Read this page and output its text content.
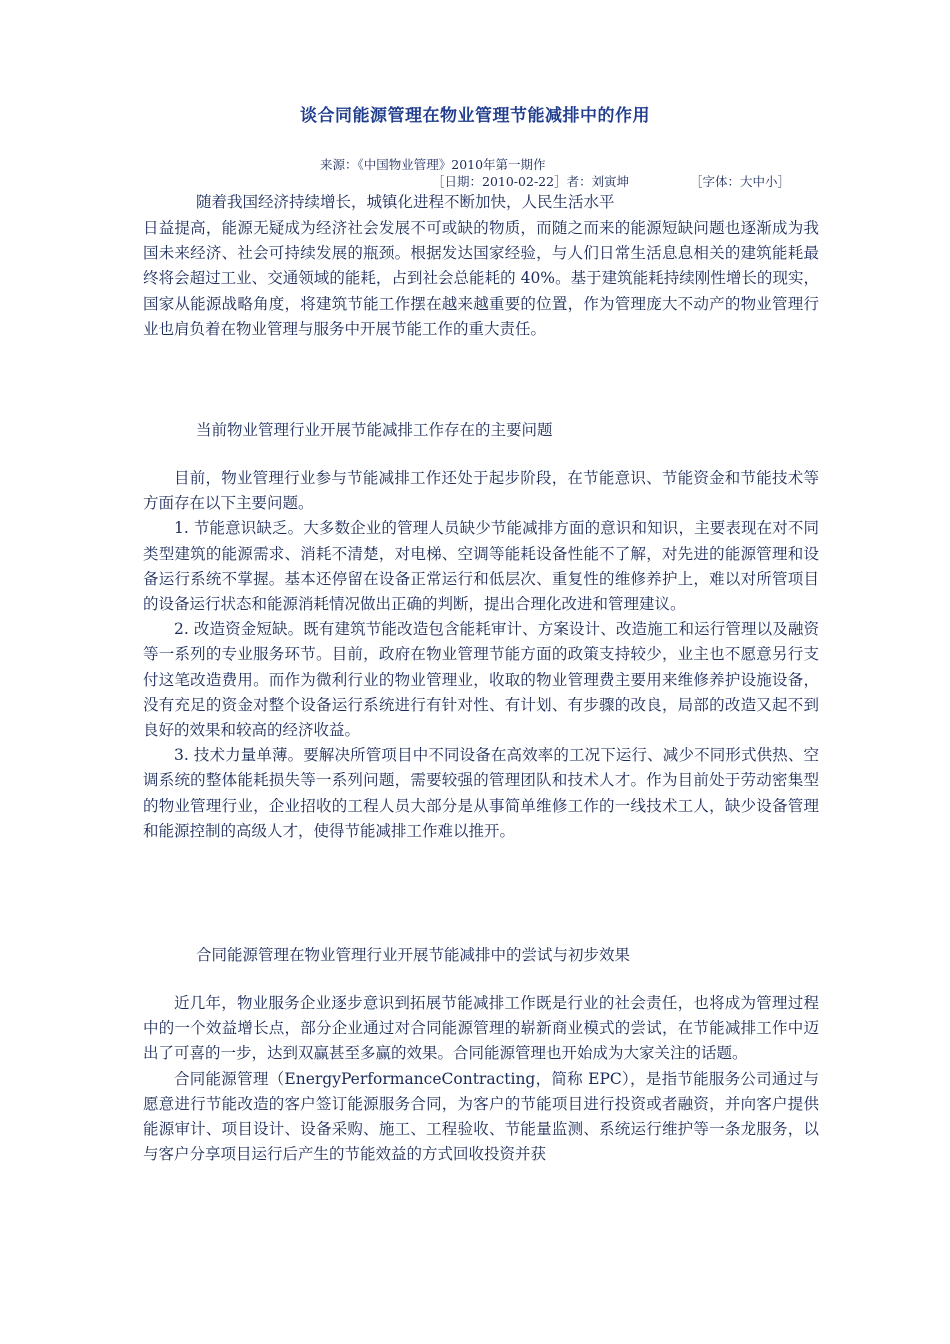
谈合同能源管理在物业管理节能减排中的作用
来源：《中国物业管理》2010年第一期作
［日期：2010-02-22］者：刘寅坤	［字体：大中小］
随着我国经济持续增长，城镇化进程不断加快，人民生活水平

日益提高，能源无疑成为经济社会发展不可或缺的物质，而随之而来的能源短缺问题也逐渐成为我国未来经济、社会可持续发展的瓶颈。根据发达国家经验，与人们日常生活息息相关的建筑能耗最终将会超过工业、交通领域的能耗，占到社会总能耗的 40%。基于建筑能耗持续刚性增长的现实，国家从能源战略角度，将建筑节能工作摆在越来越重要的位置，作为管理庞大不动产的物业管理行业也肩负着在物业管理与服务中开展节能工作的重大责任。

当前物业管理行业开展节能减排工作存在的主要问题

目前，物业管理行业参与节能减排工作还处于起步阶段，在节能意识、节能资金和节能技术等方面存在以下主要问题。

1. 节能意识缺乏。大多数企业的管理人员缺少节能减排方面的意识和知识，主要表现在对不同类型建筑的能源需求、消耗不清楚，对电梯、空调等能耗设备性能不了解，对先进的能源管理和设备运行系统不掌握。基本还停留在设备正常运行和低层次、重复性的维修养护上，难以对所管项目的设备运行状态和能源消耗情况做出正确的判断，提出合理化改进和管理建议。

2. 改造资金短缺。既有建筑节能改造包含能耗审计、方案设计、改造施工和运行管理以及融资等一系列的专业服务环节。目前，政府在物业管理节能方面的政策支持较少，业主也不愿意另行支付这笔改造费用。而作为微利行业的物业管理业，收取的物业管理费主要用来维修养护设施设备，没有充足的资金对整个设备运行系统进行有针对性、有计划、有步骤的改良，局部的改造又起不到良好的效果和较高的经济收益。

3. 技术力量单薄。要解决所管项目中不同设备在高效率的工况下运行、减少不同形式供热、空调系统的整体能耗损失等一系列问题，需要较强的管理团队和技术人才。作为目前处于劳动密集型的物业管理行业，企业招收的工程人员大部分是从事简单维修工作的一线技术工人，缺少设备管理和能源控制的高级人才，使得节能减排工作难以推开。

合同能源管理在物业管理行业开展节能减排中的尝试与初步效果

近几年，物业服务企业逐步意识到拓展节能减排工作既是行业的社会责任，也将成为管理过程中的一个效益增长点，部分企业通过对合同能源管理的崭新商业模式的尝试，在节能减排工作中迈出了可喜的一步，达到双赢甚至多赢的效果。合同能源管理也开始成为大家关注的话题。

合同能源管理（EnergyPerformanceContracting，简称 EPC），是指节能服务公司通过与愿意进行节能改造的客户签订能源服务合同，为客户的节能项目进行投资或者融资，并向客户提供能源审计、项目设计、设备采购、施工、工程验收、节能量监测、系统运行维护等一条龙服务，以与客户分享项目运行后产生的节能效益的方式回收投资并获
